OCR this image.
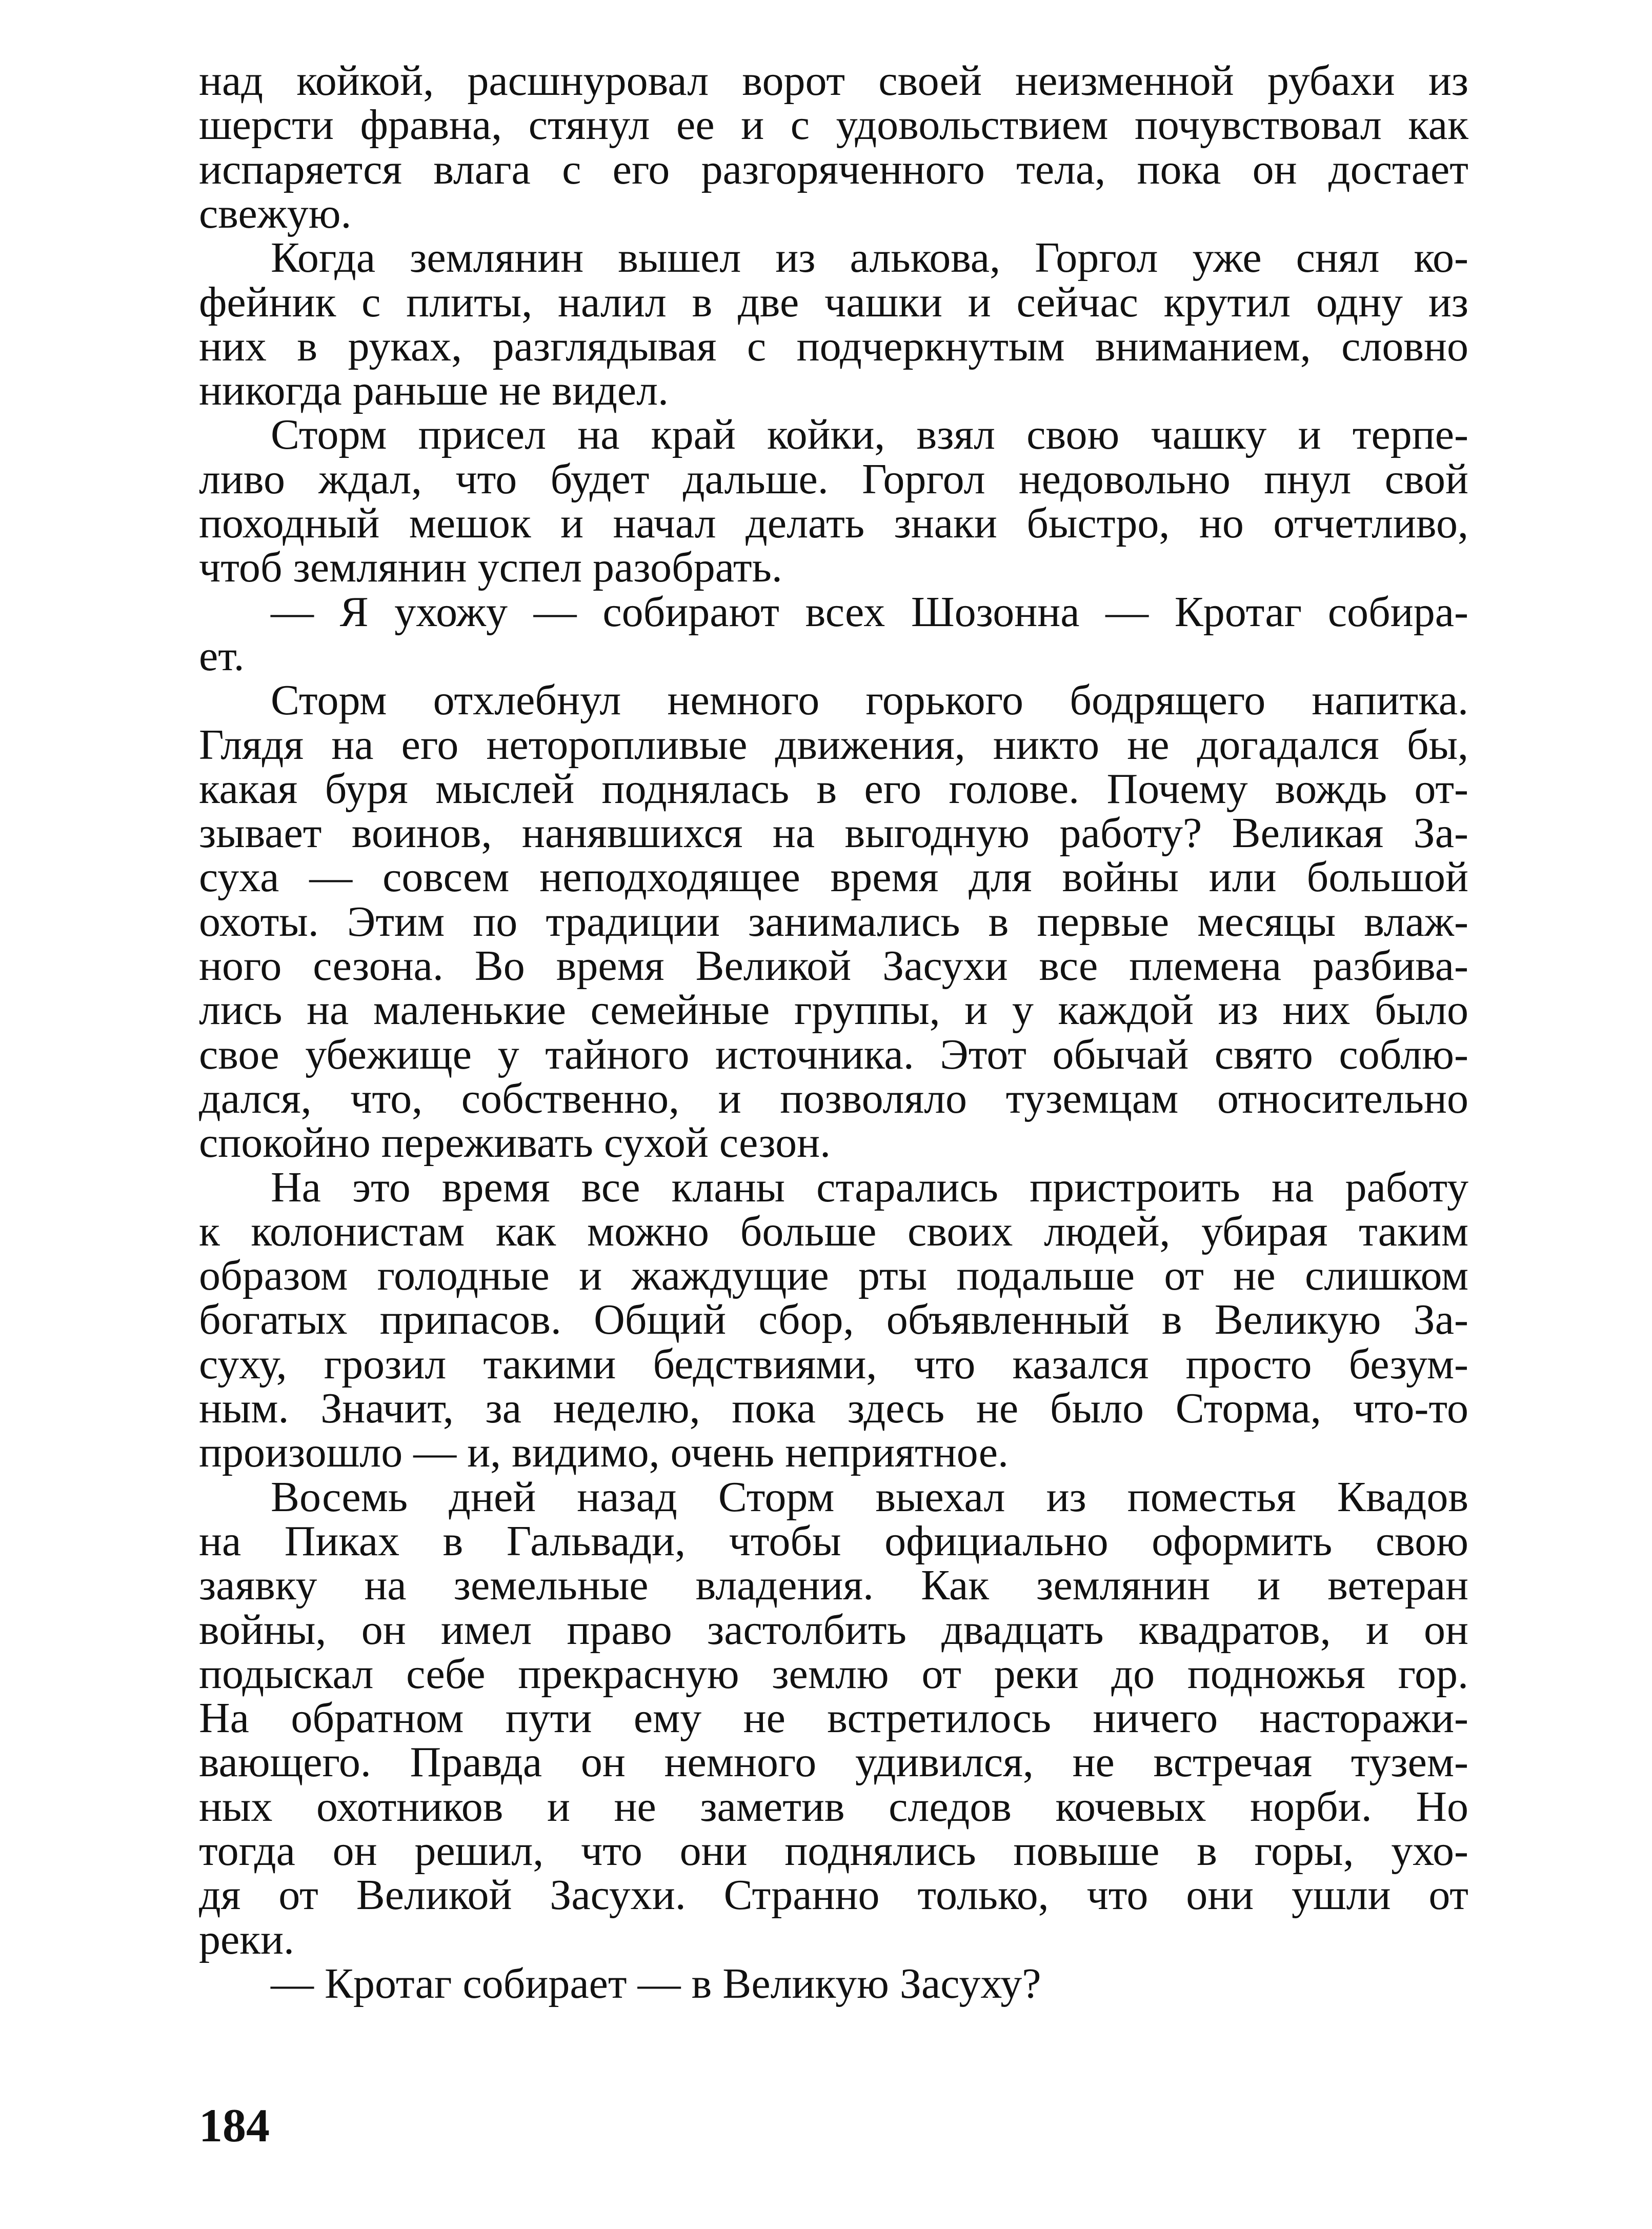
над койкой, расшнуровал ворот своей неизменной рубахи из
шерсти фравна, стянул ее и с удовольствием почувствовал как
испаряется влага с его разгоряченного тела, пока он достает
свежую.
Когда землянин вышел из алькова, Горгол уже снял ко-
фейник с плиты, налил в две чашки и сейчас крутил одну из
них в руках, разглядывая с подчеркнутым вниманием, словно
никогда раньше не видел.
Сторм присел на край койки, взял свою чашку и терпе-
ливо ждал, что будет дальше. Горгол недовольно пнул свой
походный мешок и начал делать знаки быстро, но отчетливо,
чтоб землянин успел разобрать.
— Я ухожу — собирают всех Шозонна — Кротаг собира-
ет.
Сторм отхлебнул немного горького бодрящего напитка.
Глядя на его неторопливые движения, никто не догадался бы,
какая буря мыслей поднялась в его голове. Почему вождь от-
зывает воинов, нанявшихся на выгодную работу? Великая За-
суха — совсем неподходящее время для войны или большой
охоты. Этим по традиции занимались в первые месяцы влаж-
ного сезона. Во время Великой Засухи все племена разбива-
лись на маленькие семейные группы, и у каждой из них было
свое убежище у тайного источника. Этот обычай свято соблю-
дался, что, собственно, и позволяло туземцам относительно
спокойно переживать сухой сезон.
На это время все кланы старались пристроить на работу
к колонистам как можно больше своих людей, убирая таким
образом голодные и жаждущие рты подальше от не слишком
богатых припасов. Общий сбор, объявленный в Великую За-
суху, грозил такими бедствиями, что казался просто безум-
ным. Значит, за неделю, пока здесь не было Сторма, что-то
произошло — и, видимо, очень неприятное.
Восемь дней назад Сторм выехал из поместья Квадов
на Пиках в Гальвади, чтобы официально оформить свою
заявку на земельные владения. Как землянин и ветеран
войны, он имел право застолбить двадцать квадратов, и он
подыскал себе прекрасную землю от реки до подножья гор.
На обратном пути ему не встретилось ничего насторажи-
вающего. Правда он немного удивился, не встречая тузем-
ных охотников и не заметив следов кочевых норби. Но
тогда он решил, что они поднялись повыше в горы, ухо-
дя от Великой Засухи. Странно только, что они ушли от
реки.
— Кротаг собирает — в Великую Засуху?
184
